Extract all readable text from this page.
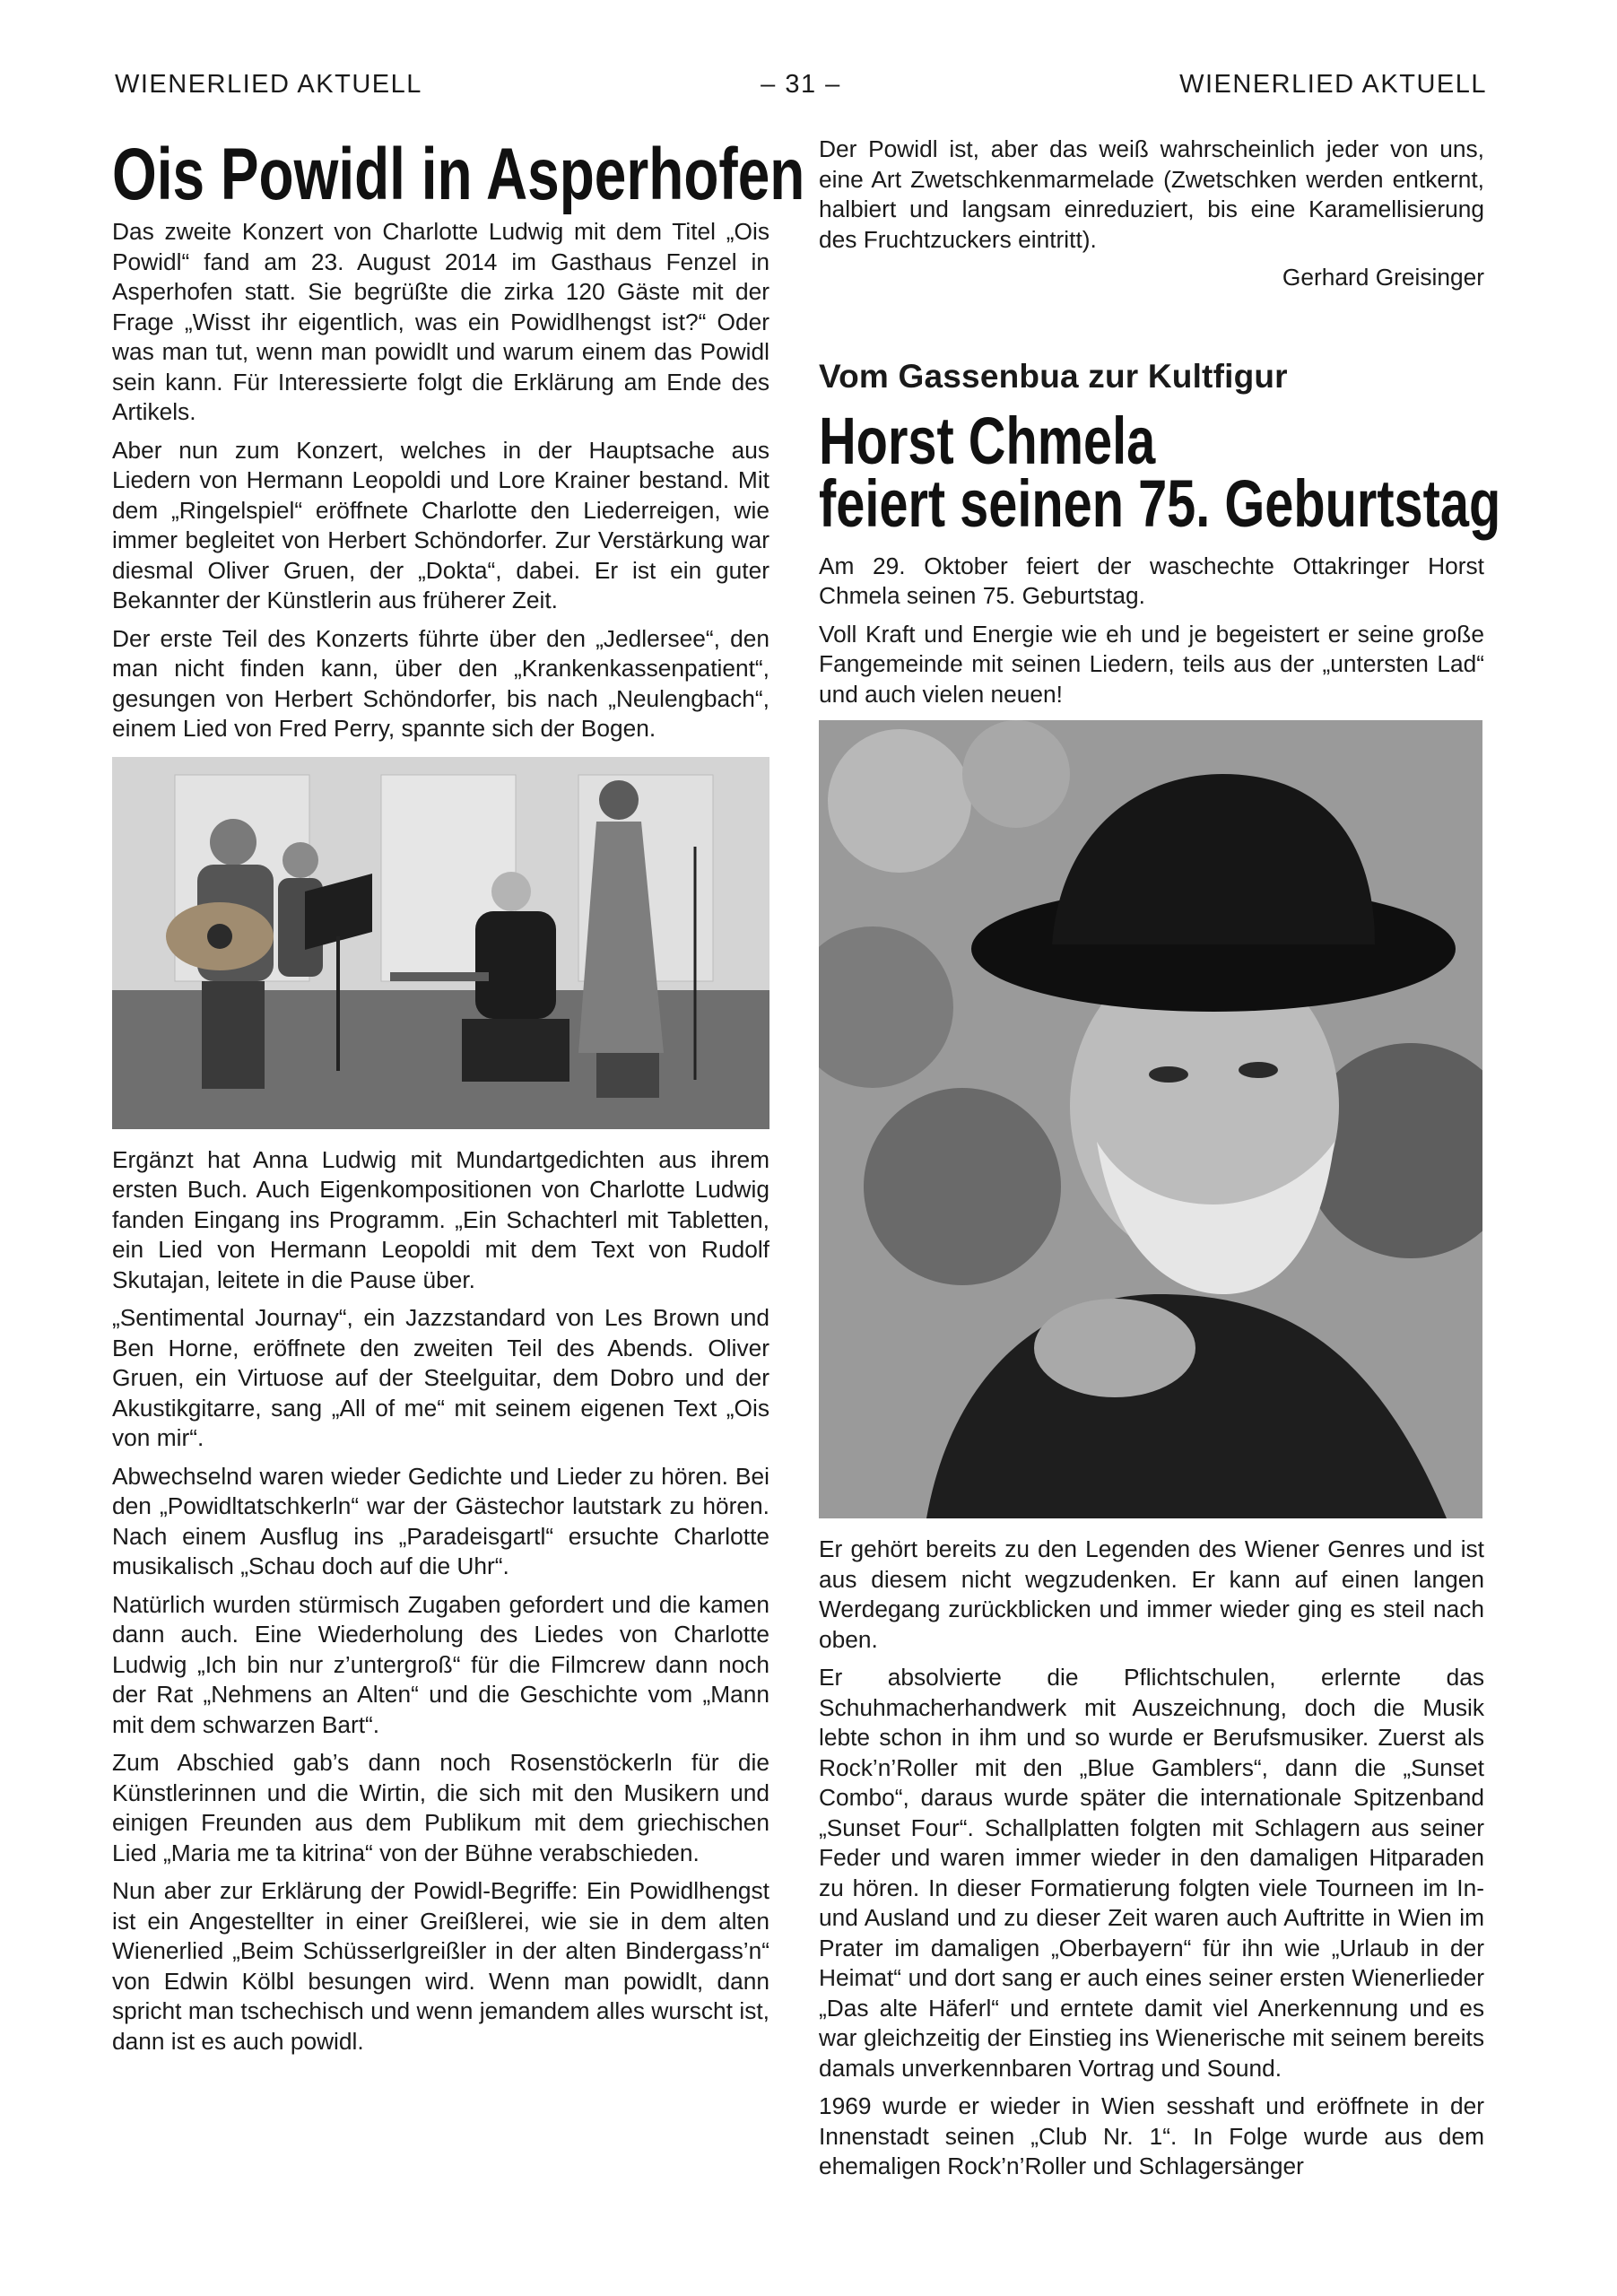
WIENERLIED AKTUELL	– 31 –	WIENERLIED AKTUELL
Ois Powidl in Asperhofen

Das zweite Konzert von Charlotte Ludwig mit dem Titel „Ois Powidl“ fand am 23. August 2014 im Gasthaus Fenzel in Asperhofen statt. Sie begrüßte die zirka 120 Gäste mit der Frage „Wisst ihr eigentlich, was ein Powidlhengst ist?“ Oder was man tut, wenn man powidlt und warum einem das Powidl sein kann. Für Interessierte folgt die Erklärung am Ende des Artikels.

Aber nun zum Konzert, welches in der Hauptsache aus Liedern von Hermann Leopoldi und Lore Krainer bestand. Mit dem „Ringelspiel“ eröffnete Charlotte den Liederreigen, wie immer begleitet von Herbert Schöndorfer. Zur Verstärkung war diesmal Oliver Gruen, der „Dokta“, dabei. Er ist ein guter Bekannter der Künstlerin aus früherer Zeit.

Der erste Teil des Konzerts führte über den „Jedlersee“, den man nicht finden kann, über den „Krankenkassenpatient“, gesungen von Herbert Schöndorfer, bis nach „Neulengbach“, einem Lied von Fred Perry, spannte sich der Bogen.

Ergänzt hat Anna Ludwig mit Mundartgedichten aus ihrem ersten Buch. Auch Eigenkompositionen von Charlotte Ludwig fanden Eingang ins Programm. „Ein Schachterl mit Tabletten, ein Lied von Hermann Leopoldi mit dem Text von Rudolf Skutajan, leitete in die Pause über.

„Sentimental Journay“, ein Jazzstandard von Les Brown und Ben Horne, eröffnete den zweiten Teil des Abends. Oliver Gruen, ein Virtuose auf der Steelguitar, dem Dobro und der Akustikgitarre, sang „All of me“ mit seinem eigenen Text „Ois von mir“.

Abwechselnd waren wieder Gedichte und Lieder zu hören. Bei den „Powidltatschkerln“ war der Gästechor lautstark zu hören. Nach einem Ausflug ins „Paradeisgartl“ ersuchte Charlotte musikalisch „Schau doch auf die Uhr“.

Natürlich wurden stürmisch Zugaben gefordert und die kamen dann auch. Eine Wiederholung des Liedes von Charlotte Ludwig „Ich bin nur z’untergroß“ für die Filmcrew dann noch der Rat „Nehmens an Alten“ und die Geschichte vom „Mann mit dem schwarzen Bart“.

Zum Abschied gab’s dann noch Rosenstöckerln für die Künstlerinnen und die Wirtin, die sich mit den Musikern und einigen Freunden aus dem Publikum mit dem griechischen Lied „Maria me ta kitrina“ von der Bühne verabschieden.

Nun aber zur Erklärung der Powidl-Begriffe: Ein Powidlhengst ist ein Angestellter in einer Greißlerei, wie sie in dem alten Wienerlied „Beim Schüsserlgreißler in der alten Bindergass’n“ von Edwin Kölbl besungen wird. Wenn man powidlt, dann spricht man tschechisch und wenn jemandem alles wurscht ist, dann ist es auch powidl.

Der Powidl ist, aber das weiß wahrscheinlich jeder von uns, eine Art Zwetschkenmarmelade (Zwetschken werden entkernt, halbiert und langsam einreduziert, bis eine Karamellisierung des Fruchtzuckers eintritt).

Gerhard Greisinger
Vom Gassenbua zur Kultfigur
Horst Chmela
feiert seinen 75. Geburtstag

Am 29. Oktober feiert der waschechte Ottakringer Horst Chmela seinen 75. Geburtstag.

Voll Kraft und Energie wie eh und je begeistert er seine große Fangemeinde mit seinen Liedern, teils aus der „untersten Lad“ und auch vielen neuen!

Er gehört bereits zu den Legenden des Wiener Genres und ist aus diesem nicht wegzudenken. Er kann auf einen langen Werdegang zurückblicken und immer wieder ging es steil nach oben.

Er absolvierte die Pflichtschulen, erlernte das Schuhmacherhandwerk mit Auszeichnung, doch die Musik lebte schon in ihm und so wurde er Berufsmusiker. Zuerst als Rock’n’Roller mit den „Blue Gamblers“, dann die „Sunset Combo“, daraus wurde später die internationale Spitzenband „Sunset Four“. Schallplatten folgten mit Schlagern aus seiner Feder und waren immer wieder in den damaligen Hitparaden zu hören. In dieser Formatierung folgten viele Tourneen im In- und Ausland und zu dieser Zeit waren auch Auftritte in Wien im Prater im damaligen „Oberbayern“ für ihn wie „Urlaub in der Heimat“ und dort sang er auch eines seiner ersten Wienerlieder „Das alte Häferl“ und erntete damit viel Anerkennung und es war gleichzeitig der Einstieg ins Wienerische mit seinem bereits damals unverkennbaren Vortrag und Sound.

1969 wurde er wieder in Wien sesshaft und eröffnete in der Innenstadt seinen „Club Nr. 1“. In Folge wurde aus dem ehemaligen Rock’n’Roller und Schlagersänger
